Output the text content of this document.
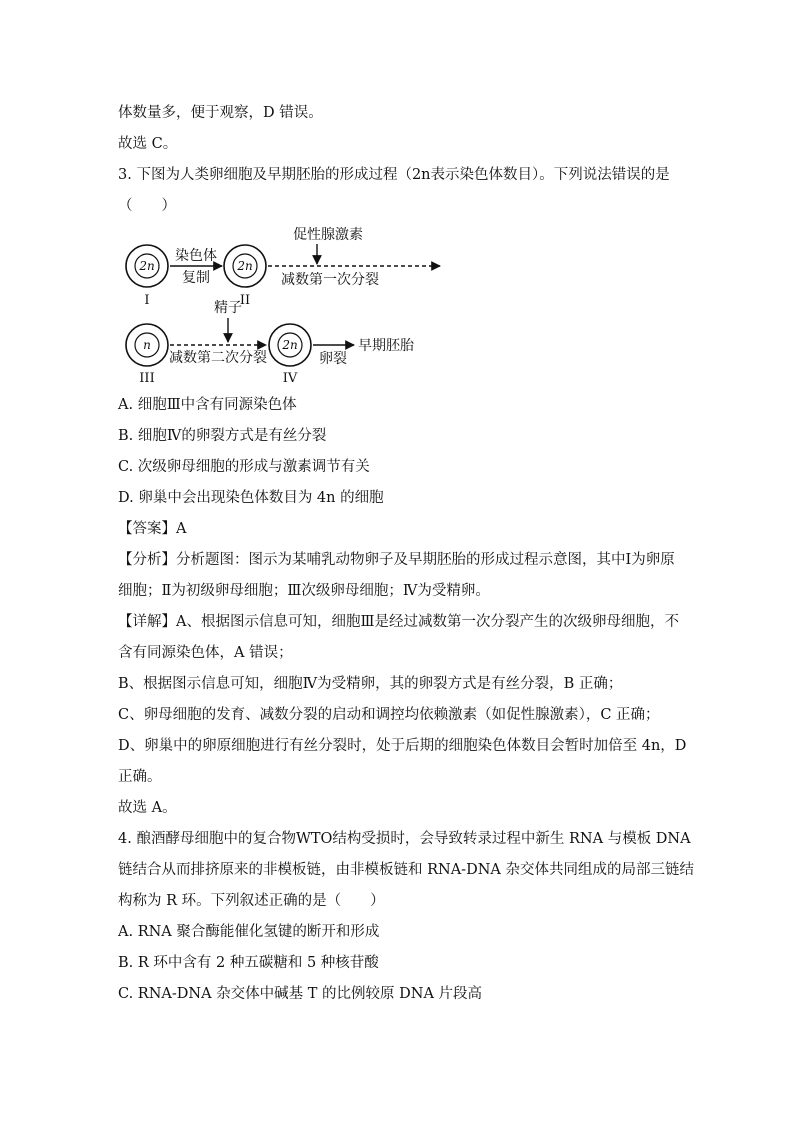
体数量多，便于观察，D 错误。
故选 C。
3. 下图为人类卵细胞及早期胚胎的形成过程（2n表示染色体数目）。下列说法错误的是
（　　）
2n
I
染色体
复制
2n
II
促性腺激素
减数第一次分裂
n
III
精子
减数第二次分裂
2n
IV
卵裂
早期胚胎
A. 细胞Ⅲ中含有同源染色体
B. 细胞Ⅳ的卵裂方式是有丝分裂
C. 次级卵母细胞的形成与激素调节有关
D. 卵巢中会出现染色体数目为 4n 的细胞
【答案】A
【分析】分析题图：图示为某哺乳动物卵子及早期胚胎的形成过程示意图，其中Ⅰ为卵原
细胞；Ⅱ为初级卵母细胞；Ⅲ次级卵母细胞；Ⅳ为受精卵。
【详解】A、根据图示信息可知，细胞Ⅲ是经过减数第一次分裂产生的次级卵母细胞，不
含有同源染色体，A 错误；
B、根据图示信息可知，细胞Ⅳ为受精卵，其的卵裂方式是有丝分裂，B 正确；
C、卵母细胞的发育、减数分裂的启动和调控均依赖激素（如促性腺激素），C 正确；
D、卵巢中的卵原细胞进行有丝分裂时，处于后期的细胞染色体数目会暂时加倍至 4n，D
正确。
故选 A。
4. 酿酒酵母细胞中的复合物WTO结构受损时，会导致转录过程中新生 RNA 与模板 DNA
链结合从而排挤原来的非模板链，由非模板链和 RNA-DNA 杂交体共同组成的局部三链结
构称为 R 环。下列叙述正确的是（　　）
A. RNA 聚合酶能催化氢键的断开和形成
B. R 环中含有 2 种五碳糖和 5 种核苷酸
C. RNA-DNA 杂交体中碱基 T 的比例较原 DNA 片段高
